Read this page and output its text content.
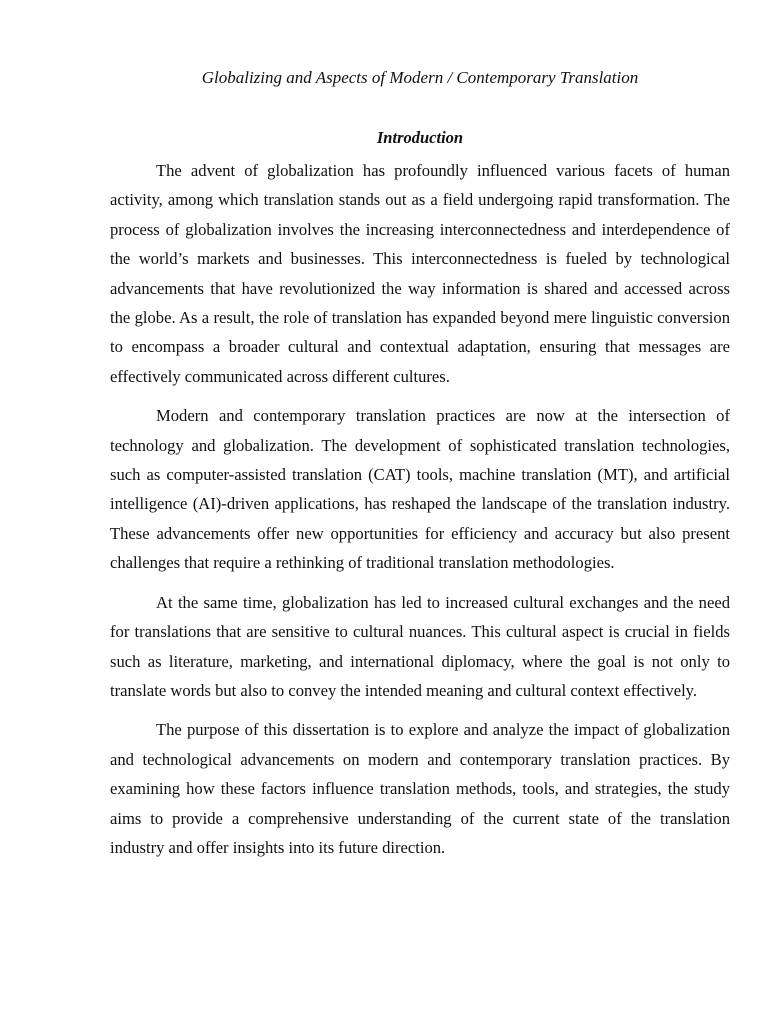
Globalizing and Aspects of Modern / Contemporary Translation
Introduction

The advent of globalization has profoundly influenced various facets of human activity, among which translation stands out as a field undergoing rapid transformation. The process of globalization involves the increasing interconnectedness and interdependence of the world’s markets and businesses. This interconnectedness is fueled by technological advancements that have revolutionized the way information is shared and accessed across the globe. As a result, the role of translation has expanded beyond mere linguistic conversion to encompass a broader cultural and contextual adaptation, ensuring that messages are effectively communicated across different cultures.

Modern and contemporary translation practices are now at the intersection of technology and globalization. The development of sophisticated translation technologies, such as computer-assisted translation (CAT) tools, machine translation (MT), and artificial intelligence (AI)-driven applications, has reshaped the landscape of the translation industry. These advancements offer new opportunities for efficiency and accuracy but also present challenges that require a rethinking of traditional translation methodologies.

At the same time, globalization has led to increased cultural exchanges and the need for translations that are sensitive to cultural nuances. This cultural aspect is crucial in fields such as literature, marketing, and international diplomacy, where the goal is not only to translate words but also to convey the intended meaning and cultural context effectively.

The purpose of this dissertation is to explore and analyze the impact of globalization and technological advancements on modern and contemporary translation practices. By examining how these factors influence translation methods, tools, and strategies, the study aims to provide a comprehensive understanding of the current state of the translation industry and offer insights into its future direction.
